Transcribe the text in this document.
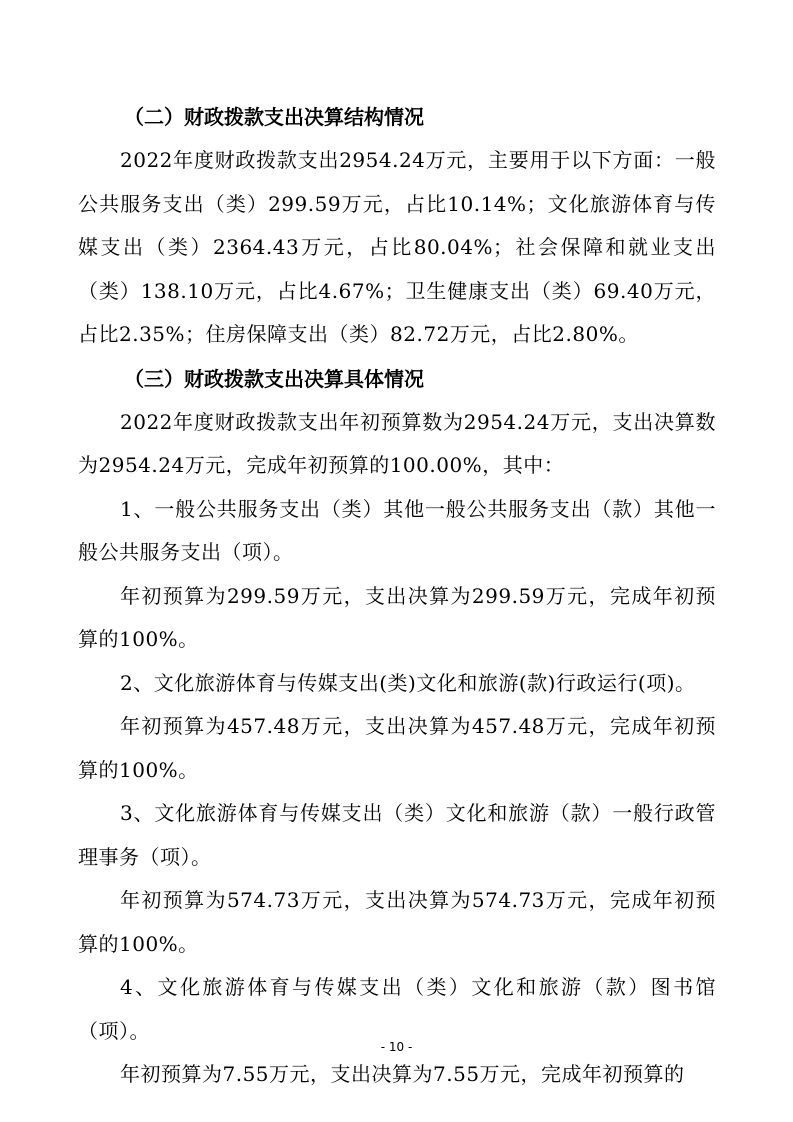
（二）财政拨款支出决算结构情况

2022年度财政拨款支出2954.24万元，主要用于以下方面：一般公共服务支出（类）299.59万元，占比10.14%；文化旅游体育与传媒支出（类）2364.43万元，占比80.04%；社会保障和就业支出（类）138.10万元，占比4.67%；卫生健康支出（类）69.40万元，占比2.35%；住房保障支出（类）82.72万元，占比2.80%。

（三）财政拨款支出决算具体情况

2022年度财政拨款支出年初预算数为2954.24万元，支出决算数为2954.24万元，完成年初预算的100.00%，其中：

1、一般公共服务支出（类）其他一般公共服务支出（款）其他一般公共服务支出（项）。

年初预算为299.59万元，支出决算为299.59万元，完成年初预算的100%。

2、文化旅游体育与传媒支出(类)文化和旅游(款)行政运行(项)。

年初预算为457.48万元，支出决算为457.48万元，完成年初预算的100%。

3、文化旅游体育与传媒支出（类）文化和旅游（款）一般行政管理事务（项）。

年初预算为574.73万元，支出决算为574.73万元，完成年初预算的100%。

4、文化旅游体育与传媒支出（类）文化和旅游（款）图书馆（项）。

年初预算为7.55万元，支出决算为7.55万元，完成年初预算的

- 10 -
